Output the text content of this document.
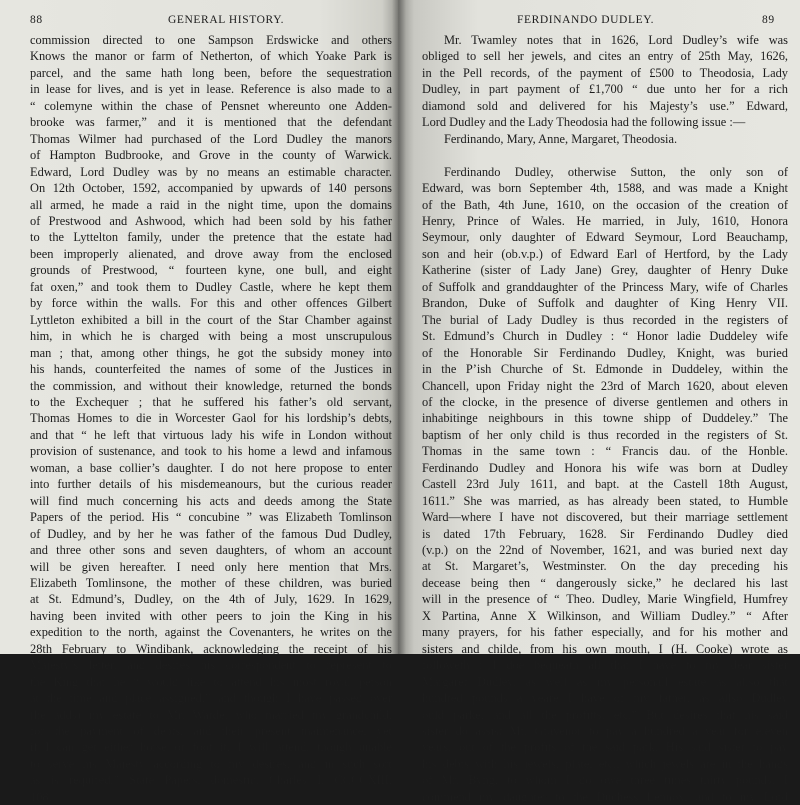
88	GENERAL HISTORY.
commission directed to one Sampson Erdswicke and others
Knows the manor or farm of Netherton, of which Yoake Park is
parcel, and the same hath long been, before the sequestration
in lease for lives, and is yet in lease. Reference is also made to a
“ colemyne within the chase of Pensnet whereunto one Adden-
brooke was farmer,” and it is mentioned that the defendant
Thomas Wilmer had purchased of the Lord Dudley the manors
of Hampton Budbrooke, and Grove in the county of Warwick.
Edward, Lord Dudley was by no means an estimable character.
On 12th October, 1592, accompanied by upwards of 140 persons
all armed, he made a raid in the night time, upon the domains
of Prestwood and Ashwood, which had been sold by his father
to the Lyttelton family, under the pretence that the estate had
been improperly alienated, and drove away from the enclosed
grounds of Prestwood, “ fourteen kyne, one bull, and eight
fat oxen,” and took them to Dudley Castle, where he kept them
by force within the walls. For this and other offences Gilbert
Lyttleton exhibited a bill in the court of the Star Chamber against
him, in which he is charged with being a most unscrupulous
man ; that, among other things, he got the subsidy money into
his hands, counterfeited the names of some of the Justices in
the commission, and without their knowledge, returned the bonds
to the Exchequer ; that he suffered his father’s old servant,
Thomas Homes to die in Worcester Gaol for his lordship’s debts,
and that “ he left that virtuous lady his wife in London without
provision of sustenance, and took to his home a lewd and infamous
woman, a base collier’s daughter. I do not here propose to enter
into further details of his misdemeanours, but the curious reader
will find much concerning his acts and deeds among the State
Papers of the period. His “ concubine ” was Elizabeth Tomlinson
of Dudley, and by her he was father of the famous Dud Dudley,
and three other sons and seven daughters, of whom an account
will be given hereafter. I need only here mention that Mrs.
Elizabeth Tomlinsone, the mother of these children, was buried
at St. Edmund’s, Dudley, on the 4th of July, 1629. In 1629,
having been invited with other peers to join the King in his
expedition to the north, against the Covenanters, he writes on the
28th February to Windibank, acknowledging the receipt of his
Majesty’s letter, and desires his correspondent to represent to
the King that he “ would like to attend his most royal person
at the time and place assigned,” and though I have passed over
(he adds) my estate to Mr. Warde, who married my grandchild,
for the payment of debts, and their present maintenance, yet
if I can get either horse or foot it, I will attend, though unable
to serve his Majesty according to my desires, and in such sort
as is required.” State Papers, domestic, Charles I. CCCCXIII,
108.
FERDINANDO DUDLEY.	89
Mr. Twamley notes that in 1626, Lord Dudley’s wife was
obliged to sell her jewels, and cites an entry of 25th May, 1626,
in the Pell records, of the payment of £500 to Theodosia, Lady
Dudley, in part payment of £1,700 “ due unto her for a rich
diamond sold and delivered for his Majesty’s use.” Edward,
Lord Dudley and the Lady Theodosia had the following issue :—
Ferdinando, Mary, Anne, Margaret, Theodosia.
Ferdinando Dudley, otherwise Sutton, the only son of
Edward, was born September 4th, 1588, and was made a Knight
of the Bath, 4th June, 1610, on the occasion of the creation of
Henry, Prince of Wales. He married, in July, 1610, Honora
Seymour, only daughter of Edward Seymour, Lord Beauchamp,
son and heir (ob.v.p.) of Edward Earl of Hertford, by the Lady
Katherine (sister of Lady Jane) Grey, daughter of Henry Duke
of Suffolk and granddaughter of the Princess Mary, wife of Charles
Brandon, Duke of Suffolk and daughter of King Henry VII.
The burial of Lady Dudley is thus recorded in the registers of
St. Edmund’s Church in Dudley : “ Honor ladie Duddeley wife
of the Honorable Sir Ferdinando Dudley, Knight, was buried
in the P’ish Churche of St. Edmonde in Duddeley, within the
Chancell, upon Friday night the 23rd of March 1620, about eleven
of the clocke, in the presence of diverse gentlemen and others in
inhabitinge neighbours in this towne shipp of Duddeley.” The
baptism of her only child is thus recorded in the registers of St.
Thomas in the same town : “ Francis dau. of the Honble.
Ferdinando Dudley and Honora his wife was born at Dudley
Castell 23rd July 1611, and bapt. at the Castell 18th August,
1611.” She was married, as has already been stated, to Humble
Ward—where I have not discovered, but their marriage settlement
is dated 17th February, 1628. Sir Ferdinando Dudley died
(v.p.) on the 22nd of November, 1621, and was buried next day
at St. Margaret’s, Westminster. On the day preceding his
decease being then “ dangerously sicke,” he declared his last
will in the presence of “ Theo. Dudley, Marie Wingfield, Humfrey
X Partina, Anne X Wilkinson, and William Dudley.” “ After
many prayers, for his father especially, and for his mother and
sisters and childe, from his own mouth, I (H. Cooke) wrote as
followeth : I doe bequeath all that I have to my dear sister
Margaret Dudley, as well as my personall estate as allso that
hundred pounds a yeare I have of my father, as allso Dudley
ould parke, and all the profitts, etc.” But desires that his said
sister do assist Mr. Gravenor to pay a hundred a year for eleven
years, out of the profits of the said park. His said sister to pay
his debts with his jewels, plate, etc., which jewels are in the hands
of Mr. Byng, to whom I do owe three times thirty pounds. I
commend my daughter to the Duchess Lennox, and to my Lord
